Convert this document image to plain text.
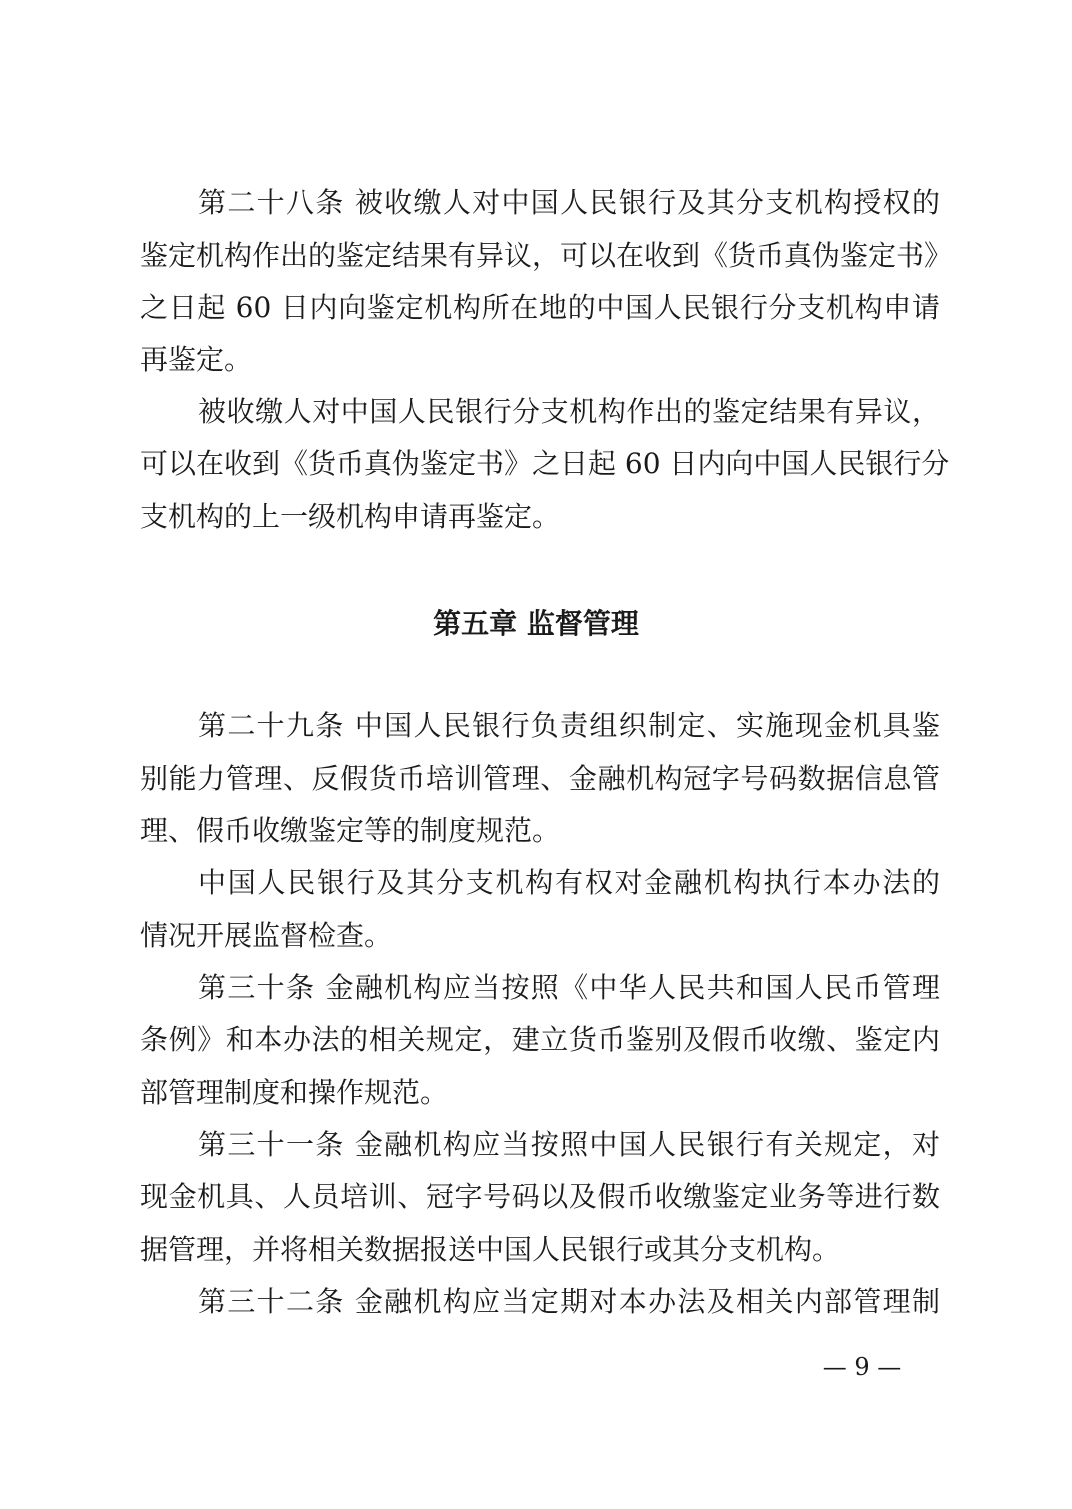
第二十八条 被收缴人对中国人民银行及其分支机构授权的
鉴定机构作出的鉴定结果有异议，可以在收到《货币真伪鉴定书》
之日起 60 日内向鉴定机构所在地的中国人民银行分支机构申请
再鉴定。
被收缴人对中国人民银行分支机构作出的鉴定结果有异议，
可以在收到《货币真伪鉴定书》之日起 60 日内向中国人民银行分
支机构的上一级机构申请再鉴定。
第五章 监督管理
第二十九条 中国人民银行负责组织制定、实施现金机具鉴
别能力管理、反假货币培训管理、金融机构冠字号码数据信息管
理、假币收缴鉴定等的制度规范。
中国人民银行及其分支机构有权对金融机构执行本办法的
情况开展监督检查。
第三十条 金融机构应当按照《中华人民共和国人民币管理
条例》和本办法的相关规定，建立货币鉴别及假币收缴、鉴定内
部管理制度和操作规范。
第三十一条 金融机构应当按照中国人民银行有关规定，对
现金机具、人员培训、冠字号码以及假币收缴鉴定业务等进行数
据管理，并将相关数据报送中国人民银行或其分支机构。
第三十二条 金融机构应当定期对本办法及相关内部管理制
— 9 —
